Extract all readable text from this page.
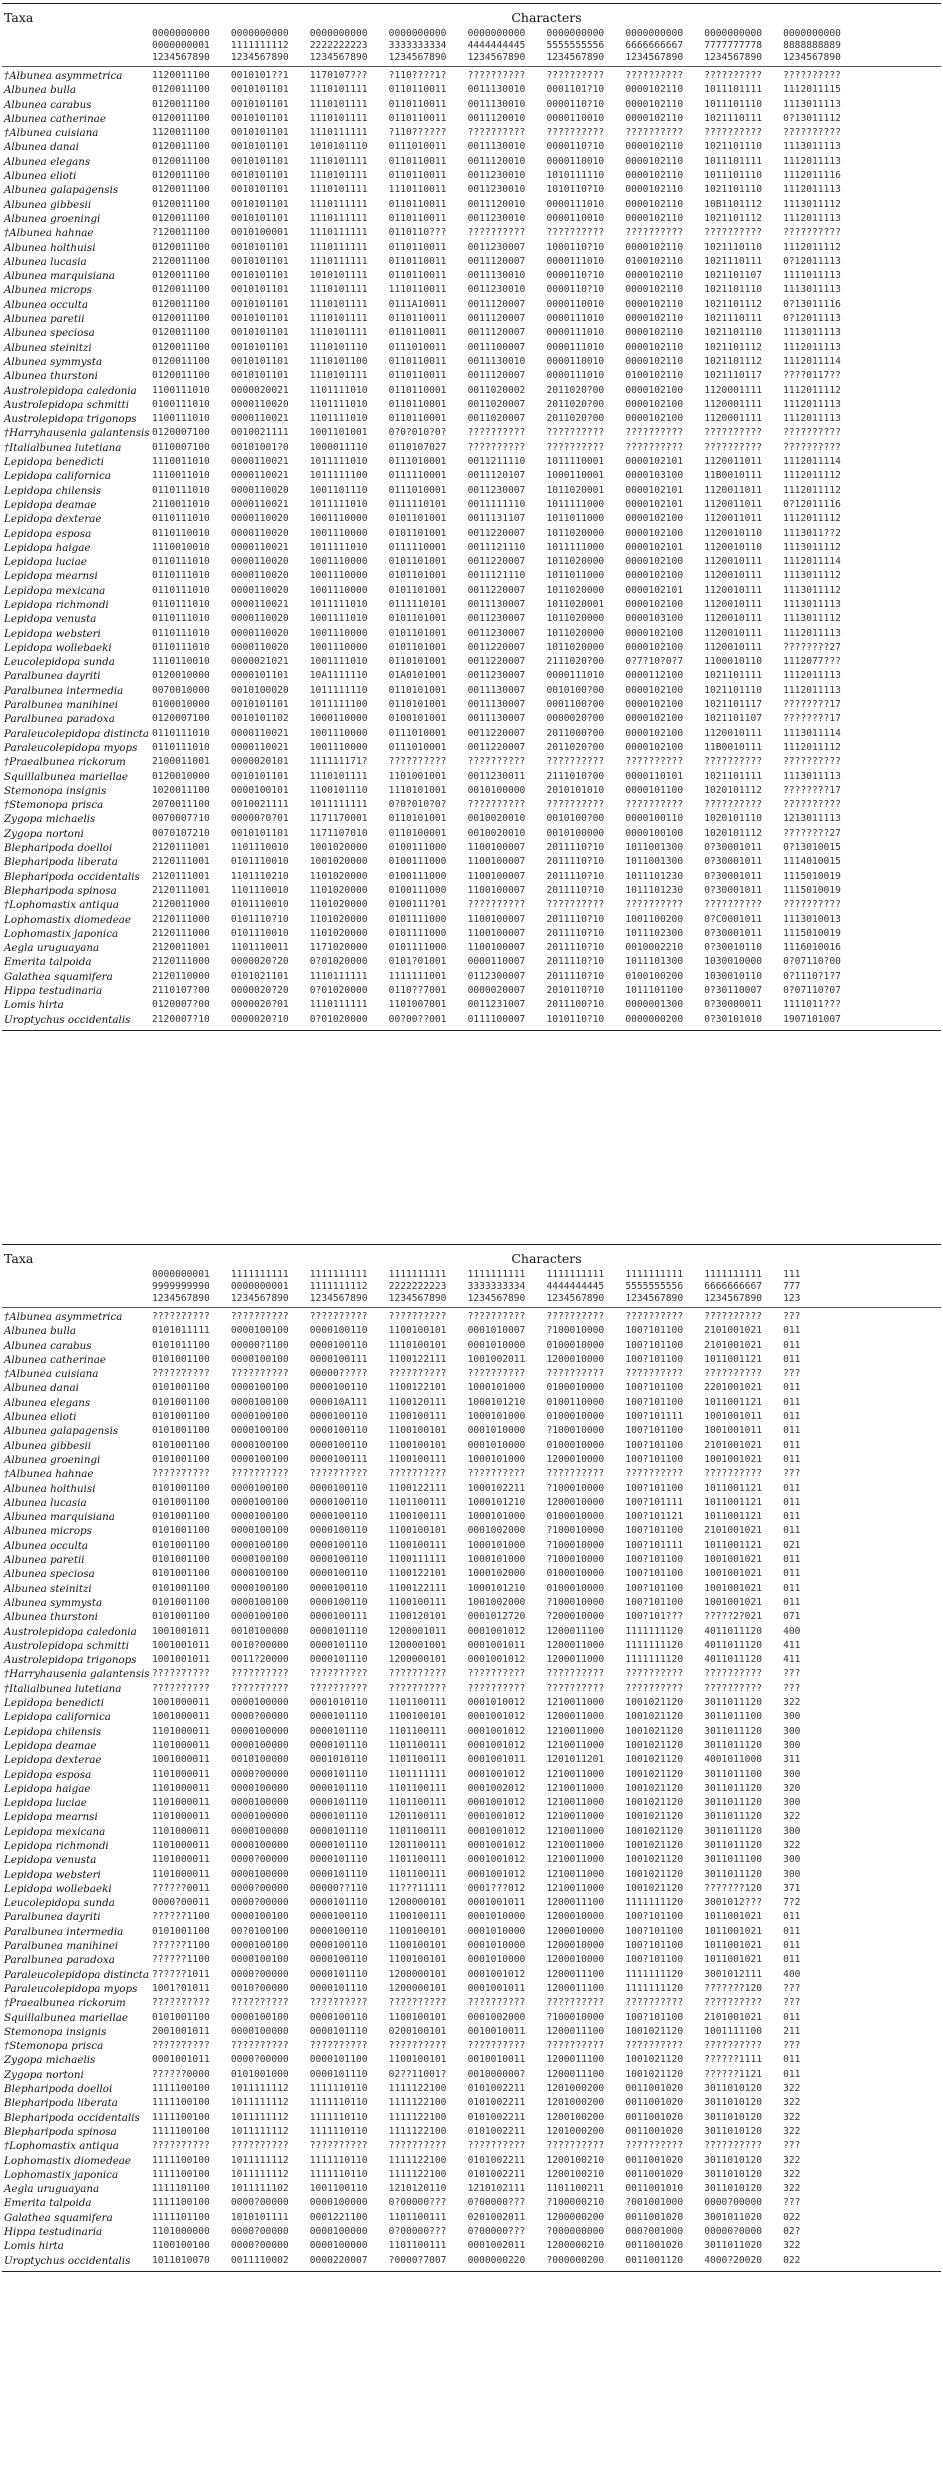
Taxa	Characters
0000000000	0000000000	0000000000	0000000000	0000000000	0000000000	0000000000	0000000000	0000000000
0000000001	1111111112	2222222223	3333333334	4444444445	5555555556	6666666667	7777777778	8888888889
1234567890	1234567890	1234567890	1234567890	1234567890	1234567890	1234567890	1234567890	1234567890
†Albunea asymmetrica	1120011100	0010101??1	1170107???	?110????1?	??????????	??????????	??????????	??????????	??????????
Albunea bulla	0120011100	0010101101	1110101111	0110110011	0011130010	0001101?10	0000102110	1011101111	1112011115
Albunea carabus	0120011100	0010101101	1110101111	0110110011	0011130010	0000110?10	0000102110	1011101110	1113011113
Albunea catherinae	0120011100	0010101101	1110101111	0110110011	0011120010	0000110010	0000102110	1021110111	0?13011112
†Albunea cuisiana	1120011100	0010101101	1110111111	?110??????	??????????	??????????	??????????	??????????	??????????
Albunea danai	0120011100	0010101101	1010101110	0111010011	0011130010	0000110?10	0000102110	1021101110	1113011113
Albunea elegans	0120011100	0010101101	1110101111	0110110011	0011120010	0000110010	0000102110	1011101111	1112011113
Albunea elioti	0120011100	0010101101	1110101111	0110110011	0011230010	1010111110	0000102110	1011101110	1112011116
Albunea galapagensis	0120011100	0010101101	1110101111	1110110011	0011230010	1010110?10	0000102110	1021101110	1112011113
Albunea gibbesii	0120011100	0010101101	1110111111	0110110011	0011120010	0000111010	0000102110	10B1101112	1113011112
Albunea groeningi	0120011100	0010101101	1110111111	0110110011	0011230010	0000110010	0000102110	1021101112	1112011113
†Albunea hahnae	?120011100	0010100001	1110111111	0110110???	??????????	??????????	??????????	??????????	??????????
Albunea holthuisi	0120011100	0010101101	1110111111	0110110011	0011230007	1000110?10	0000102110	1021110110	1112011112
Albunea lucasia	2120011100	0010101101	1110111111	0110110011	0011120007	0000111010	0100102110	1021110111	0?12011113
Albunea marquisiana	0120011100	0010101101	1010101111	0110110011	0011130010	0000110?10	0000102110	1021101107	1111011113
Albunea microps	0120011100	0010101101	1110101111	1110110011	0011230010	0000110?10	0000102110	1021101110	1113011113
Albunea occulta	0120011100	0010101101	1110101111	0111A10011	0011120007	0000110010	0000102110	1021101112	0?13011116
Albunea paretii	0120011100	0010101101	1110101111	0110110011	0011120007	0000111010	0000102110	1021110111	0?12011113
Albunea speciosa	0120011100	0010101101	1110101111	0110110011	0011120007	0000111010	0000102110	1021101110	1113011113
Albunea steinitzi	0120011100	0010101101	1110101110	0111010011	0011100007	0000111010	0000102110	1021101112	1112011113
Albunea symmysta	0120011100	0010101101	1110101100	0110110011	0011130010	0000110010	0000102110	1021101112	1112011114
Albunea thurstoni	0120011100	0010101101	1110101111	0110110011	0011120007	0000111010	0100102110	1021110117	????0117??
Austrolepidopa caledonia	1100111010	0000020021	1101111010	0110110001	0011020002	2011020?00	0000102100	1120001111	1112011112
Austrolepidopa schmitti	0100111010	0000110020	1101111010	0110110001	0011020007	2011020?00	0000102100	1120001111	1112011113
Austrolepidopa trigonops	1100111010	0000110021	1101111010	0110110001	0011020007	2011020?00	0000102100	1120001111	1112011113
†Harryhausenia galantensis 0120007100	0010021111	1001101001	0?0?010?0?	??????????	??????????	??????????	??????????	??????????
†Italialbunea lutetiana	0110007100	00101001?0	1000011110	0110107027	??????????	??????????	??????????	??????????	??????????
Lepidopa benedicti	1110011010	0000110021	1011111010	0111010001	0011211110	1011110001	0000102101	1120011011	1112011114
Lepidopa californica	1110011010	0000110021	1011111100	0111110001	0011120107	1000110001	0000103100	11B0010111	1112011112
Lepidopa chilensis	0110111010	0000110020	1001101110	0111010001	0011230007	1011020001	0000102101	1120011011	1112011112
Lepidopa deamae	2110011010	0000110021	1011111010	0111110101	0011111110	1011111000	0000102101	1120011011	0?12011116
Lepidopa dexterae	0110111010	0000110020	1001110000	0101101001	0011131107	1011011000	0000102100	1120011011	1112011112
Lepidopa esposa	0110110010	0000110020	1001110000	0101101001	0011220007	1011020000	0000102100	1120010110	1113011??2
Lepidopa haigae	1110010010	0000110021	1011111010	0111110001	0011121110	1011111000	0000102101	1120010110	1113011112
Lepidopa luciae	0110111010	0000110020	1001110000	0101101001	0011220007	1011020000	0000102100	1120010111	1112011114
Lepidopa mearnsi	0110111010	0000110020	1001110000	0101101001	0011121110	1011011000	0000102100	1120010111	1113011112
Lepidopa mexicana	0110111010	0000110020	1001110000	0101101001	0011220007	1011020000	0000102101	1120010111	1113011112
Lepidopa richmondi	0110111010	0000110021	1011111010	0111110101	0011130007	1011020001	0000102100	1120010111	1113011113
Lepidopa venusta	0110111010	0000110020	1001111010	0101101001	0011230007	1011020000	0000103100	1120010111	1113011112
Lepidopa websteri	0110111010	0000110020	1001110000	0101101001	0011230007	1011020000	0000102100	1120010111	1112011113
Lepidopa wollebaeki	0110111010	0000110020	1001110000	0101101001	0011220007	1011020000	0000102100	1120010111	????????27
Leucolepidopa sunda	1110110010	0000021021	1001111010	0110101001	0011220007	2111020?00	0?7?10?0?7	1100010110	1112077???
Paralbunea dayriti	0120010000	0000101101	10A1111110	01A0101001	0011230007	0000111010	0000112100	1021101111	1112011113
Paralbunea intermedia	0070010000	0010100020	1011111110	0110101001	0011130007	0010100?00	0000102100	1021101110	1112011113
Paralbunea manihinei	0100010000	0010101101	1011111100	0110101001	0011130007	0001100?00	0000102100	1021101117	????????17
Paralbunea paradoxa	0120007100	0010101102	1000110000	0100101001	0011130007	0000020?00	0000102100	1021101107	????????17
Paraleucolepidopa distincta 0110111010	0000110021	1001110000	0111010001	0011220007	2011000?00	0000102100	1120010111	1113011114
Paraleucolepidopa myops	0110111010	0000110021	1001110000	0111010001	0011220007	2011020?00	0000102100	11B0010111	1112011112
†Praealbunea rickorum	2100011001	0000020101	111111171?	??????????	??????????	??????????	??????????	??????????	??????????
Squillalbunea mariellae	0120010000	0010101101	1110101111	1101001001	0011230011	2111010?00	0000110101	1021101111	1113011113
Stemonopa insignis	1020011100	0000100101	1100101110	1110101001	0010100000	2010101010	0000101100	1020101112	????????17
†Stemonopa prisca	2070011100	0010021111	1011111111	0?0?010?0?	??????????	??????????	??????????	??????????	??????????
Zygopa michaelis	0070007?10	00000?0?01	1171170001	0110101001	0010020010	0010100?00	0000100110	1020101110	1213011113
Zygopa nortoni	0070107210	0010101101	1171107010	0110100001	0010020010	0010100000	0000100100	1020101112	????????27
Blepharipoda doelloi	2120111001	1101110010	1001020000	0100111000	1100100007	2011110?10	1011001300	0?30001011	0?13010015
Blepharipoda liberata	2120111001	0101110010	1001020000	0100111000	1100100007	2011110?10	1011001300	0?30001011	1114010015
Blepharipoda occidentalis	2120111001	1101110210	1101020000	0100111000	1100100007	2011110?10	1011101230	0?30001011	1115010019
Blepharipoda spinosa	2120111001	1101110010	1101020000	0100111000	1100100007	2011110?10	1011101230	0?30001011	1115010019
†Lophomastix antiqua	2120011000	0101110010	1101020000	0100111?01	??????????	??????????	??????????	??????????	??????????
Lophomastix diomedeae	2120111000	0101110?10	1101020000	0101111000	1100100007	2011110?10	1001100200	0?C0001011	1113010013
Lophomastix japonica	2120111000	0101110010	1101020000	0101111000	1100100007	2011110?10	1011102300	0?30001011	1115010019
Aegla uruguayana	2120011001	1101110011	1171020000	0101111000	1100100007	2011110?10	0010002210	0?30010110	1116010016
Emerita talpoida	2120111000	0000020?20	0?01020000	0101?01001	0000110007	2011110?10	1011101300	1030010000	0?07110?00
Galathea squamifera	2120110000	0101021101	1110111111	1111111001	0112300007	2011110?10	0100100200	1030010110	0?1110?1?7
Hippa testudinaria	2110107?00	0000020?20	0?01020000	0110??7001	0000020007	2010110?10	1011101100	0?30110007	0?07110?07
Lomis hirta	0120007?00	0000020?01	1110111111	1101007001	0011231007	2011100?10	0000001300	0?30000011	1111011???
Uroptychus occidentalis	2120007?10	0000020?10	0?01020000	00?00??001	0111100007	1010110?10	0000000200	0?30101010	1907101007
Taxa	Characters
0000000001	1111111111	1111111111	1111111111	1111111111	1111111111	1111111111	1111111111	111
9999999990	0000000001	1111111112	2222222223	3333333334	4444444445	5555555556	6666666667	777
1234567890	1234567890	1234567890	1234567890	1234567890	1234567890	1234567890	1234567890	123
†Albunea asymmetrica	??????????	??????????	??????????	??????????	??????????	??????????	??????????	??????????	???
Albunea bulla	0101011111	0000100100	0000100110	1100100101	0001010007	?100010000	100?101100	2101001021	011
Albunea carabus	0101011100	00000?1100	0000100110	1110100101	0001010000	0100010000	100?101100	2101001021	011
Albunea catherinae	0101001100	0000100100	0000100111	1100122111	1001002011	1200010000	100?101100	1011001121	011
†Albunea cuisiana	??????????	??????????	00000?????	??????????	??????????	??????????	??????????	??????????	???
Albunea danai	0101001100	0000100100	0000100110	1100122101	1000101000	0100010000	100?101100	2201001021	011
Albunea elegans	0101001100	0000100100	000010A111	1100120111	1000101210	0100110000	100?101100	1011001121	011
Albunea elioti	0101001100	0000100100	0000100110	1100100111	1000101000	0100010000	100?101111	1001001011	011
Albunea galapagensis	0101001100	0000100100	0000100110	1100100101	0001010000	?100010000	100?101100	1001001011	011
Albunea gibbesii	0101001100	0000100100	0000100110	1100100101	0001010000	0100010000	100?101100	2101001021	011
Albunea groeningi	0101001100	0000100100	0000100111	1100100111	1000101000	1200010000	100?101100	1001001021	011
†Albunea hahnae	??????????	??????????	??????????	??????????	??????????	??????????	??????????	??????????	???
Albunea holthuisi	0101001100	0000100100	0000100110	1100122111	1000102211	?100010000	100?101100	1011001121	011
Albunea lucasia	0101001100	0000100100	0000100110	1101100111	1000101210	1200010000	100?101111	1011001121	011
Albunea marquisiana	0101001100	0000100100	0000100110	1100100111	1000101000	0100010000	100?101121	1011001121	011
Albunea microps	0101001100	0000100100	0000100110	1100100101	0001002000	?100010000	100?101100	2101001021	011
Albunea occulta	0101001100	0000100100	0000100110	1100100111	1000101000	?100010000	100?101111	1011001121	021
Albunea paretii	0101001100	0000100100	0000100110	1100111111	1000101000	?100010000	100?101100	1001001021	011
Albunea speciosa	0101001100	0000100100	0000100110	1100122101	1000102000	0100010000	100?101100	1001001021	011
Albunea steinitzi	0101001100	0000100100	0000100110	1100122111	1000101210	0100010000	100?101100	1001001021	011
Albunea symmysta	0101001100	0000100100	0000100110	1100100111	1001002000	?100010000	100?101100	1001001021	011
Albunea thurstoni	0101001100	0000100100	0000100111	1100120101	0001012720	?200010000	100?101???	?????2?021	071
Austrolepidopa caledonia	1001001011	0010100000	0000101110	1200001011	0001001012	1200011100	1111111120	4011011120	400
Austrolepidopa schmitti	1001001011	0010?00000	0000101110	1200001001	0001001011	1200011000	1111111120	4011011120	411
Austrolepidopa trigonops	1001001011	0011?20000	0000101110	1200000101	0001001012	1200011000	1111111120	4011011120	411
†Harryhausenia galantensis ??????????	??????????	??????????	??????????	??????????	??????????	??????????	??????????	???
†Italialbunea lutetiana	??????????	??????????	??????????	??????????	??????????	??????????	??????????	??????????	???
Lepidopa benedicti	1001000011	0000100000	0001010110	1101100111	0001010012	1210011000	1001021120	3011011120	322
Lepidopa californica	1001000011	0000?00000	0000101110	1100100101	0001001012	1200011000	1001021120	3011011100	300
Lepidopa chilensis	1101000011	0000100000	0000101110	1101100111	0001001012	1210011000	1001021120	3011011120	300
Lepidopa deamae	1101000011	0000100000	0000101110	1101100111	0001001012	1210011000	1001021120	3011011120	300
Lepidopa dexterae	1001000011	0010100000	0001010110	1101100111	0001001011	1201011201	1001021120	4001011000	311
Lepidopa esposa	1101000011	0000?00000	0000101110	1101111111	0001001012	1210011000	1001021120	3011011100	300
Lepidopa haigae	1101000011	0000100000	0000101110	1101100111	0001002012	1210011000	1001021120	3011011120	320
Lepidopa luciae	1101000011	0000100000	0000101110	1101100111	0001001012	1210011000	1001021120	3011011120	300
Lepidopa mearnsi	1101000011	0000100000	0000101110	1201100111	0001001012	1210011000	1001021120	3011011120	322
Lepidopa mexicana	1101000011	0000100000	0000101110	1101100111	0001001012	1210011000	1001021120	3011011120	300
Lepidopa richmondi	1101000011	0000100000	0000101110	1201100111	0001001012	1210011000	1001021120	3011011120	322
Lepidopa venusta	1101000011	0000?00000	0000101110	1101100111	0001001012	1210011000	1001021120	3011011100	300
Lepidopa websteri	1101000011	0000100000	0000101110	1101100111	0001001012	1210011000	1001021120	3011011120	300
Lepidopa wollebaeki	??????0011	0000?00000	00000??110	11???11111	0001???012	1210011000	1001021120	???????120	371
Leucolepidopa sunda	0000?00011	0000?00000	0000101110	1200000101	0001001011	1200011100	1111111120	3001012???	7?2
Paralbunea dayriti	??????1100	0000100100	0000100110	1100100111	0001010000	1200010000	100?101100	1011001021	011
Paralbunea intermedia	0101001100	00?0100100	0000100110	1100100101	0001010000	1200010000	100?101100	1011001021	011
Paralbunea manihinei	??????1100	0000100100	0000100110	1100100101	0001010000	1200010000	100?101100	1011001021	011
Paralbunea paradoxa	??????1100	0000100100	0000100110	1100100101	0001010000	1200010000	100?101100	1011001021	011
Paraleucolepidopa distincta ??????1011	0000?00000	0000101110	1200000101	0001001012	1200011100	1111111120	3001012111	400
Paraleucolepidopa myops	1001?01011	0010?00000	0000101110	1200000101	0001001011	1200011100	1111111120	???????120	???
†Praealbunea rickorum	??????????	??????????	??????????	??????????	??????????	??????????	??????????	??????????	???
Squillalbunea mariellae	0101001100	0000100100	0000100110	1100100101	0001002000	?100010000	100?101100	2101001021	011
Stemonopa insignis	2001001011	0000100000	0000101110	0200100101	0010010011	1200011100	1001021120	1001111100	211
†Stemonopa prisca	??????????	??????????	??????????	??????????	??????????	??????????	??????????	??????????	???
Zygopa michaelis	0001001011	0000?00000	0000101100	1100100101	0010010011	1200011100	1001021120	??????1111	011
Zygopa nortoni	??????0000	0101001000	0000101110	02??11001?	001000000?	1200011100	1001021120	??????1121	011
Blepharipoda doelloi	1111100100	1011111112	1111110110	1111122100	0101002211	1201000200	0011001020	3011010120	322
Blepharipoda liberata	1111100100	1011111112	1111110110	1111122100	0101002211	1201000200	0011001020	3011010120	322
Blepharipoda occidentalis	1111100100	1011111112	1111110110	1111122100	0101002211	1200100200	0011001020	3011010120	322
Blepharipoda spinosa	1111100100	1011111112	1111110110	1111122100	0101002211	1201000200	0011001020	3011010120	322
†Lophomastix antiqua	??????????	??????????	??????????	??????????	??????????	??????????	??????????	??????????	???
Lophomastix diomedeae	1111100100	1011111112	1111110110	1111122100	0101002211	1200100210	0011001020	3011010120	322
Lophomastix japonica	1111100100	1011111112	1111110110	1111122100	0101002211	1200100210	0011001020	3011010120	322
Aegla uruguayana	1111101100	1011111102	1001100110	1210120110	1210102111	1101100211	0011001010	3011010120	322
Emerita talpoida	1111100100	0000?00000	0000100000	0?00000???	0?00000???	?100000210	?001001000	0000?00000	???
Galathea squamifera	1111101100	1010101111	0001221100	1101100111	0201002011	1200000200	0011001020	3001011020	022
Hippa testudinaria	1101000000	0000?00000	0000100000	0?00000???	0?00000???	?000000000	000?001000	00000?0000	02?
Lomis hirta	1100100100	0000?00000	0000100000	1101100111	0001002011	1200000210	0011001020	3011011020	322
Uroptychus occidentalis	1011010070	0011110002	0000220007	?0000?7007	0000000220	?000000200	0011001120	4000?20020	022
